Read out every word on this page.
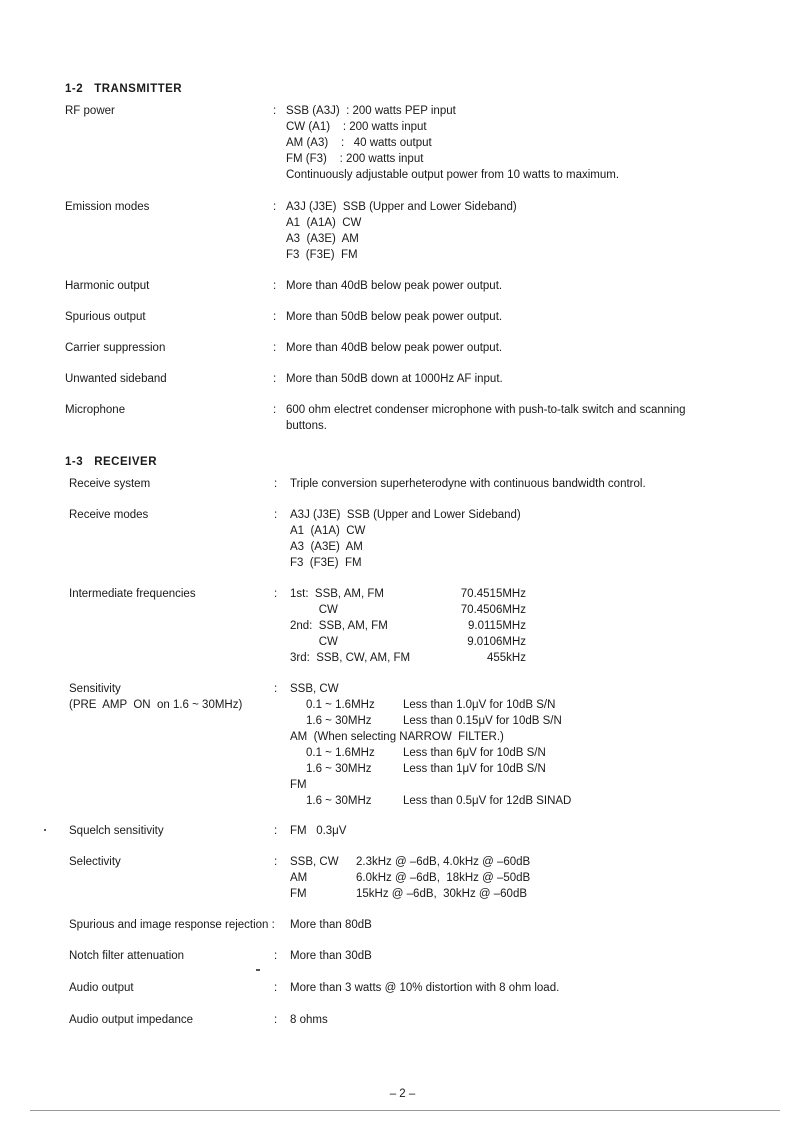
1-2   TRANSMITTER
RF power	: SSB (A3J)  : 200 watts PEP input
CW (A1)    : 200 watts input
AM (A3)    :   40 watts output
FM (F3)    : 200 watts input
Continuously adjustable output power from 10 watts to maximum.
Emission modes	: A3J (J3E)  SSB (Upper and Lower Sideband)
A1  (A1A)  CW
A3  (A3E)  AM
F3  (F3E)  FM
Harmonic output	: More than 40dB below peak power output.
Spurious output	: More than 50dB below peak power output.
Carrier suppression	: More than 40dB below peak power output.
Unwanted sideband	: More than 50dB down at 1000Hz AF input.
Microphone	: 600 ohm electret condenser microphone with push-to-talk switch and scanning
buttons.
1-3   RECEIVER
Receive system	: Triple conversion superheterodyne with continuous bandwidth control.
Receive modes	: A3J (J3E)  SSB (Upper and Lower Sideband)
A1  (A1A)  CW
A3  (A3E)  AM
F3  (F3E)  FM
Intermediate frequencies	: 1st:  SSB, AM, FM	70.4515MHz
CW	70.4506MHz
2nd:  SSB, AM, FM	9.0115MHz
CW	9.0106MHz
3rd:  SSB, CW, AM, FM	455kHz
Sensitivity
(PRE  AMP  ON  on 1.6 ~ 30MHz)
: SSB, CW
0.1 ~ 1.6MHz Less than 1.0μV for 10dB S/N
1.6 ~ 30MHz	Less than 0.15μV for 10dB S/N
AM  (When selecting NARROW  FILTER.)
0.1 ~ 1.6MHz Less than 6μV for 10dB S/N
1.6 ~ 30MHz	Less than 1μV for 10dB S/N
FM
1.6 ~ 30MHz	Less than 0.5μV for 12dB SINAD
Squelch sensitivity	: FM   0.3μV
Selectivity	: SSB, CW 2.3kHz @ –6dB, 4.0kHz @ –60dB
AM	6.0kHz @ –6dB,  18kHz @ –50dB
FM	15kHz @ –6dB,  30kHz @ –60dB
Spurious and image response rejection : More than 80dB
Notch filter attenuation	: More than 30dB
Audio output	: More than 3 watts @ 10% distortion with 8 ohm load.
Audio output impedance	: 8 ohms
– 2 –
